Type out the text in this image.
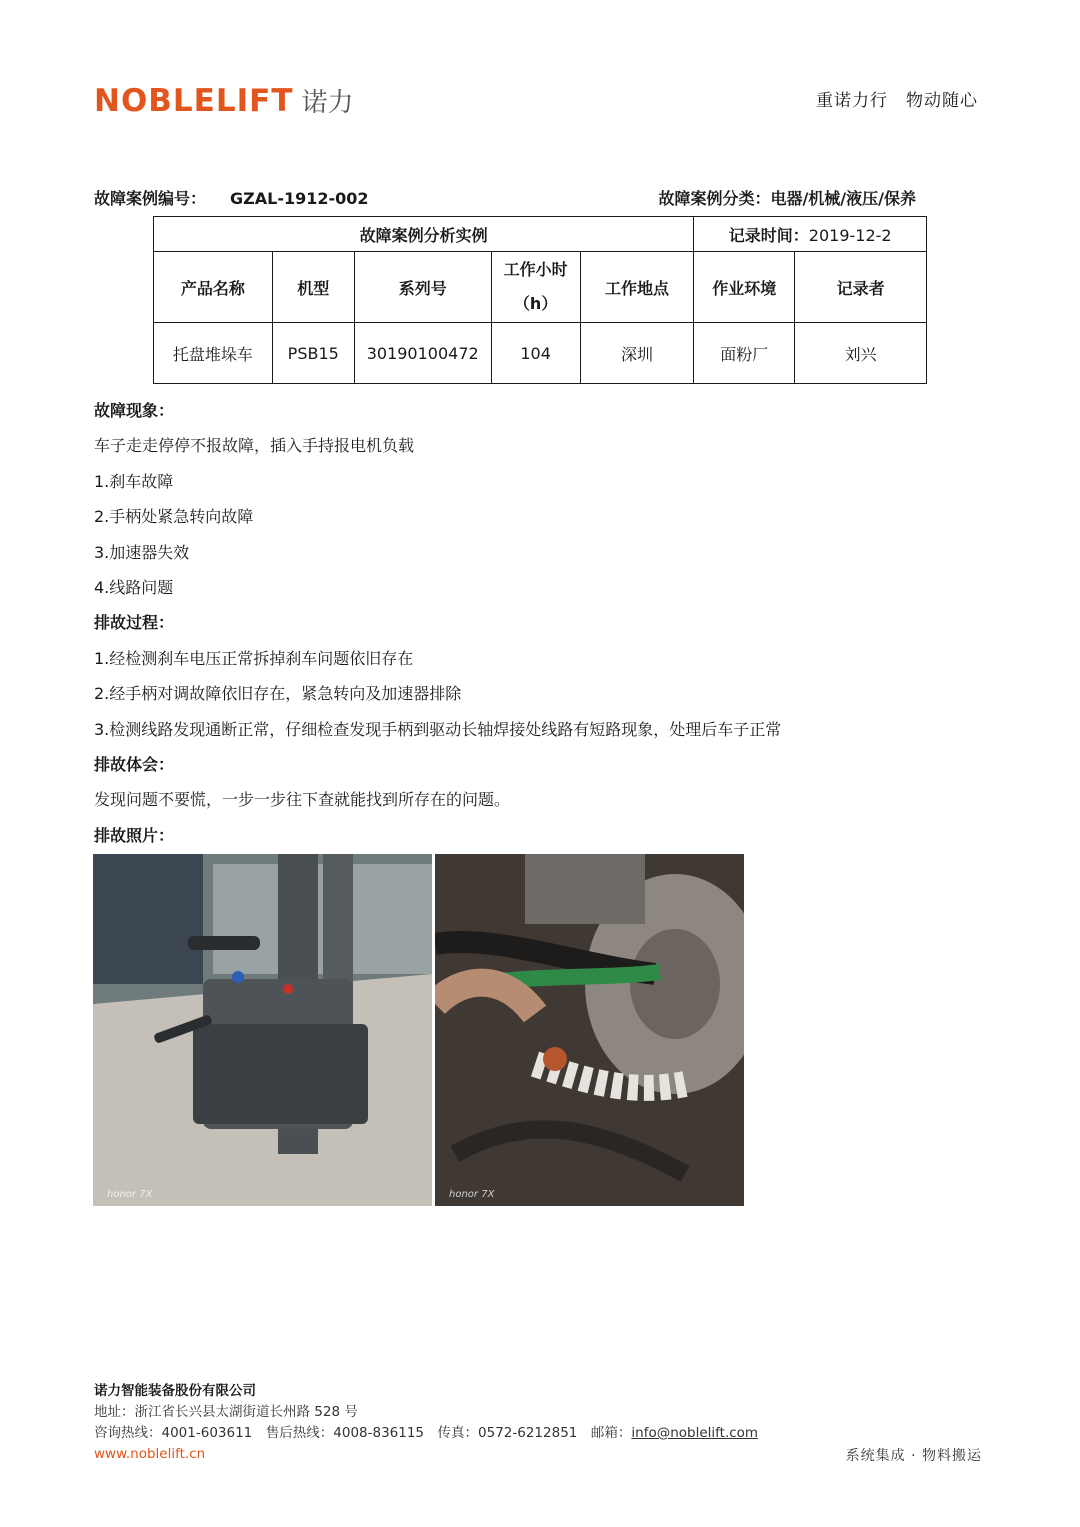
NOBLELIFT 诺力	重诺力行　物动随心
故障案例编号： GZAL-1912-002	故障案例分类：电器/机械/液压/保养
故障案例分析实例					记录时间：2019-12-2	
产品名称	机型	系列号	工作小时（h）	工作地点	作业环境	记录者
托盘堆垛车	PSB15	30190100472	104	深圳	面粉厂	刘兴
故障现象：
车子走走停停不报故障，插入手持报电机负载
1.刹车故障
2.手柄处紧急转向故障
3.加速器失效
4.线路问题
排故过程：
1.经检测刹车电压正常拆掉刹车问题依旧存在
2.经手柄对调故障依旧存在，紧急转向及加速器排除
3.检测线路发现通断正常，仔细检查发现手柄到驱动长轴焊接处线路有短路现象，处理后车子正常
排故体会：
发现问题不要慌，一步一步往下查就能找到所存在的问题。
排故照片：
honor 7X	honor 7X
诺力智能装备股份有限公司
地址：浙江省长兴县太湖街道长州路 528 号
咨询热线：4001-603611　售后热线：4008-836115　传真：0572-6212851　邮箱：info@noblelift.com
www.noblelift.cn	系统集成 · 物料搬运
